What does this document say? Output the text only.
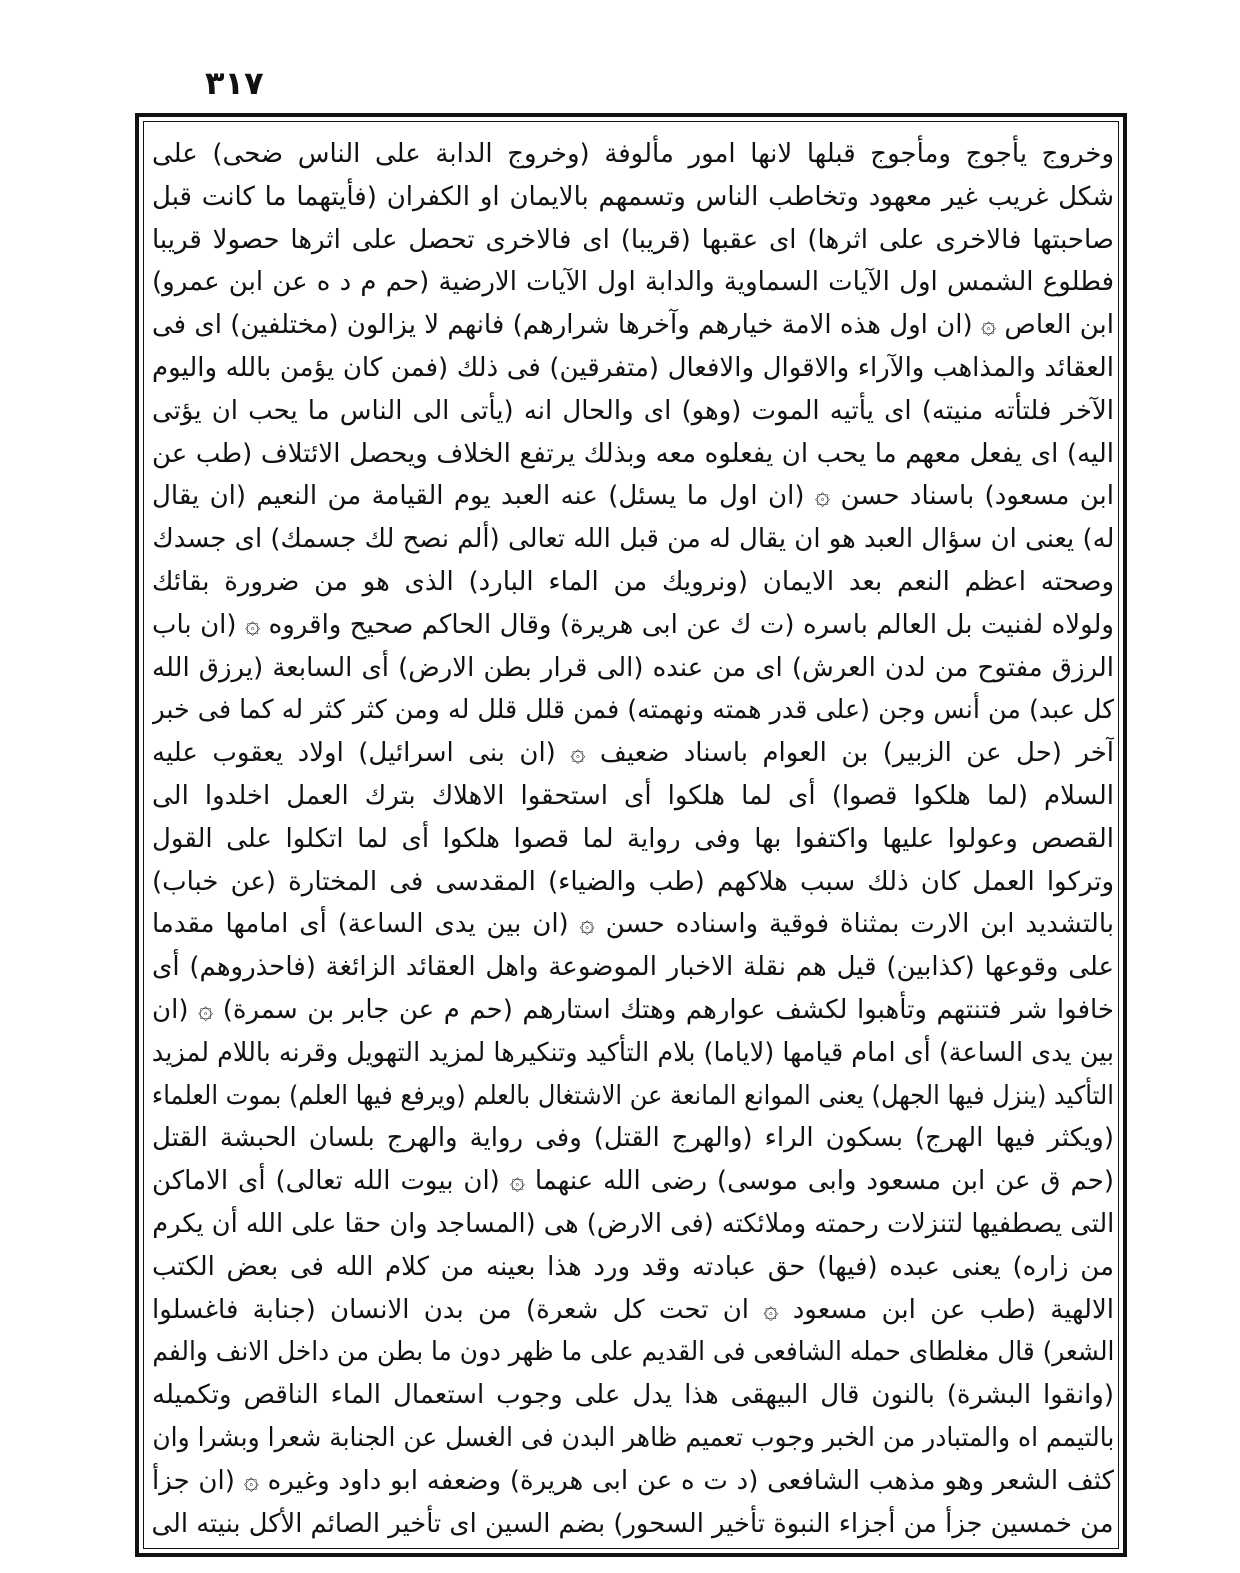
٣١٧
وخروج يأجوج ومأجوج قبلها لانها امور مألوفة (وخروج الدابة على الناس ضحى) على
شكل غريب غير معهود وتخاطب الناس وتسمهم بالايمان او الكفران (فأيتهما ما كانت قبل
صاحبتها فالاخرى على اثرها) اى عقبها (قريبا) اى فالاخرى تحصل على اثرها حصولا قريبا
فطلوع الشمس اول الآيات السماوية والدابة اول الآيات الارضية (حم م د ه عن ابن عمرو)
ابن العاص ۞ (ان اول هذه الامة خيارهم وآخرها شرارهم) فانهم لا يزالون (مختلفين) اى فى
العقائد والمذاهب والآراء والاقوال والافعال (متفرقين) فى ذلك (فمن كان يؤمن بالله واليوم
الآخر فلتأته منيته) اى يأتيه الموت (وهو) اى والحال انه (يأتى الى الناس ما يحب ان يؤتى
اليه) اى يفعل معهم ما يحب ان يفعلوه معه وبذلك يرتفع الخلاف ويحصل الائتلاف (طب عن
ابن مسعود) باسناد حسن ۞ (ان اول ما يسئل) عنه العبد يوم القيامة من النعيم (ان يقال
له) يعنى ان سؤال العبد هو ان يقال له من قبل الله تعالى (ألم نصح لك جسمك) اى جسدك
وصحته اعظم النعم بعد الايمان (ونرويك من الماء البارد) الذى هو من ضرورة بقائك
ولولاه لفنيت بل العالم باسره (ت ك عن ابى هريرة) وقال الحاكم صحيح واقروه ۞ (ان باب
الرزق مفتوح من لدن العرش) اى من عنده (الى قرار بطن الارض) أى السابعة (يرزق الله
كل عبد) من أنس وجن (على قدر همته ونهمته) فمن قلل قلل له ومن كثر كثر له كما فى خبر
آخر (حل عن الزبير) بن العوام باسناد ضعيف ۞ (ان بنى اسرائيل) اولاد يعقوب عليه
السلام (لما هلكوا قصوا) أى لما هلكوا أى استحقوا الاهلاك بترك العمل اخلدوا الى
القصص وعولوا عليها واكتفوا بها وفى رواية لما قصوا هلكوا أى لما اتكلوا على القول
وتركوا العمل كان ذلك سبب هلاكهم (طب والضياء) المقدسى فى المختارة (عن خباب)
بالتشديد ابن الارت بمثناة فوقية واسناده حسن ۞ (ان بين يدى الساعة) أى امامها مقدما
على وقوعها (كذابين) قيل هم نقلة الاخبار الموضوعة واهل العقائد الزائغة (فاحذروهم) أى
خافوا شر فتنتهم وتأهبوا لكشف عوارهم وهتك استارهم (حم م عن جابر بن سمرة) ۞ (ان
بين يدى الساعة) أى امام قيامها (لاياما) بلام التأكيد وتنكيرها لمزيد التهويل وقرنه باللام لمزيد
التأكيد (ينزل فيها الجهل) يعنى الموانع المانعة عن الاشتغال بالعلم (ويرفع فيها العلم) بموت العلماء
(ويكثر فيها الهرج) بسكون الراء (والهرج القتل) وفى رواية والهرج بلسان الحبشة القتل
(حم ق عن ابن مسعود وابى موسى) رضى الله عنهما ۞ (ان بيوت الله تعالى) أى الاماكن
التى يصطفيها لتنزلات رحمته وملائكته (فى الارض) هى (المساجد وان حقا على الله أن يكرم
من زاره) يعنى عبده (فيها) حق عبادته وقد ورد هذا بعينه من كلام الله فى بعض الكتب
الالهية (طب عن ابن مسعود ۞ ان تحت كل شعرة) من بدن الانسان (جنابة فاغسلوا
الشعر) قال مغلطاى حمله الشافعى فى القديم على ما ظهر دون ما بطن من داخل الانف والفم
(وانقوا البشرة) بالنون قال البيهقى هذا يدل على وجوب استعمال الماء الناقص وتكميله
بالتيمم اه والمتبادر من الخبر وجوب تعميم ظاهر البدن فى الغسل عن الجنابة شعرا وبشرا وان
كثف الشعر وهو مذهب الشافعى (د ت ه عن ابى هريرة) وضعفه ابو داود وغيره ۞ (ان جزأ
من خمسين جزأ من أجزاء النبوة تأخير السحور) بضم السين اى تأخير الصائم الأكل بنيته الى
